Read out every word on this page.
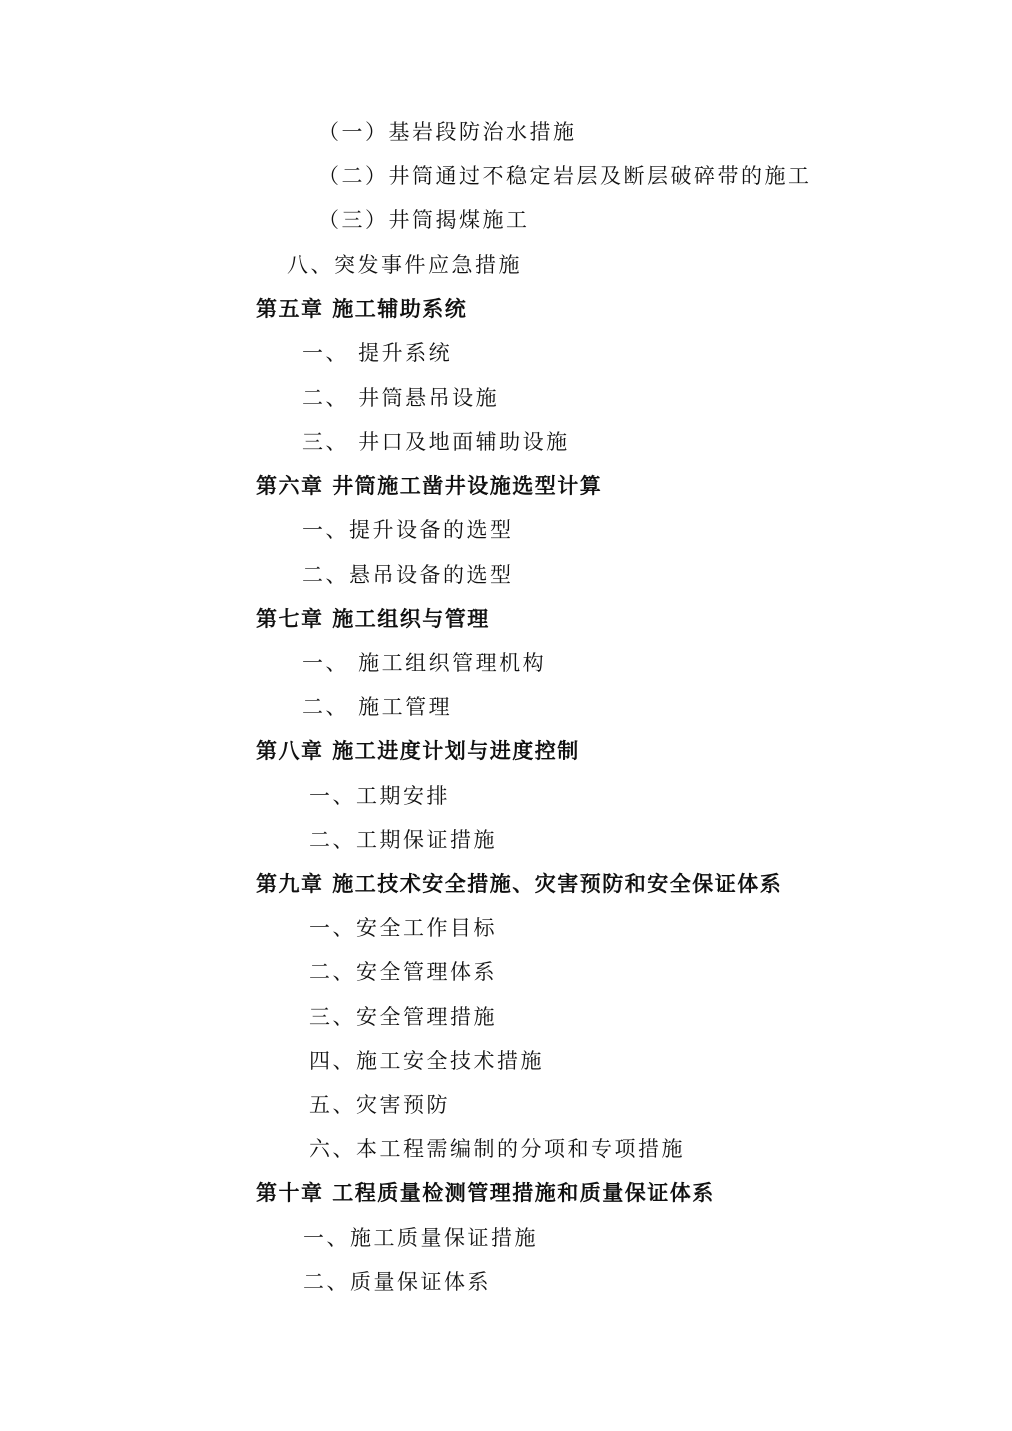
（一）基岩段防治水措施
（二）井筒通过不稳定岩层及断层破碎带的施工
（三）井筒揭煤施工
八、突发事件应急措施
第五章 施工辅助系统
一、 提升系统
二、 井筒悬吊设施
三、 井口及地面辅助设施
第六章 井筒施工凿井设施选型计算
一、提升设备的选型
二、悬吊设备的选型
第七章 施工组织与管理
一、 施工组织管理机构
二、 施工管理
第八章 施工进度计划与进度控制
一、工期安排
二、工期保证措施
第九章 施工技术安全措施、灾害预防和安全保证体系
一、安全工作目标
二、安全管理体系
三、安全管理措施
四、施工安全技术措施
五、灾害预防
六、本工程需编制的分项和专项措施
第十章 工程质量检测管理措施和质量保证体系
一、施工质量保证措施
二、质量保证体系
